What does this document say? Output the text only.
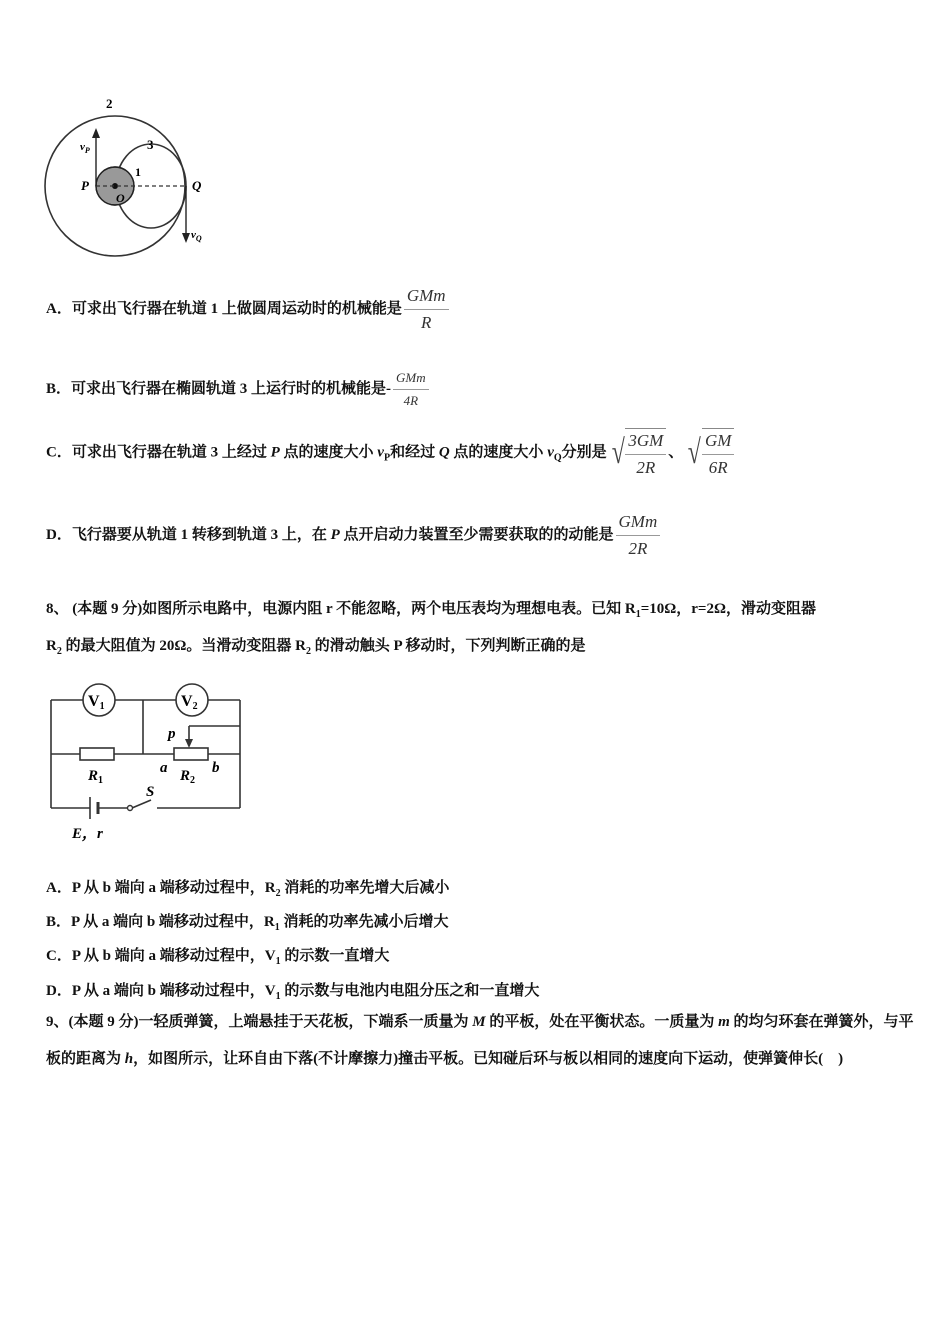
2
3
1
$v_P$
P
O
Q
$v_Q$
A．可求出飞行器在轨道 1 上做圆周运动时的机械能是 $\frac{\text{GMm}}{R}$
B．可求出飞行器在椭圆轨道 3 上运行时的机械能是- $\frac{\text{GMm}}{4R}$
C．可求出飞行器在轨道 3 上经过 P 点的速度大小 $v_P$和经过 Q 点的速度大小 $v_Q$分别是 √ $\frac{3GM}{2R}$ 、 √ $\frac{GM}{6R}$
D．飞行器要从轨道 1 转移到轨道 3 上，在 P 点开启动力装置至少需要获取的的动能是 $\frac{\text{GMm}}{2R}$
8、 (本题 9 分)如图所示电路中，电源内阻 r 不能忽略，两个电压表均为理想电表。已知 $R_1=10\Omega$，r=2Ω，滑动变阻器
$R_2$ 的最大阻值为 20Ω。当滑动变阻器 $R_2$ 的滑动触头 P 移动时，下列判断正确的是
V1	V2
p
$R_1$
a $R_2$
b
S
E，r
A．P 从 b 端向 a 端移动过程中，$R_2$ 消耗的功率先增大后减小
B．P 从 a 端向 b 端移动过程中，$R_1$ 消耗的功率先减小后增大
C．P 从 b 端向 a 端移动过程中，$V_1$ 的示数一直增大
D．P 从 a 端向 b 端移动过程中，$V_1$ 的示数与电池内电阻分压之和一直增大
9、(本题 9 分)一轻质弹簧，上端悬挂于天花板，下端系一质量为 M 的平板，处在平衡状态。一质量为 m 的均匀环套在弹簧外，与平板的距离为 h，如图所示，让环自由下落(不计摩擦力)撞击平板。已知碰后环与板以相同的速度向下运动，使弹簧伸长(　)
